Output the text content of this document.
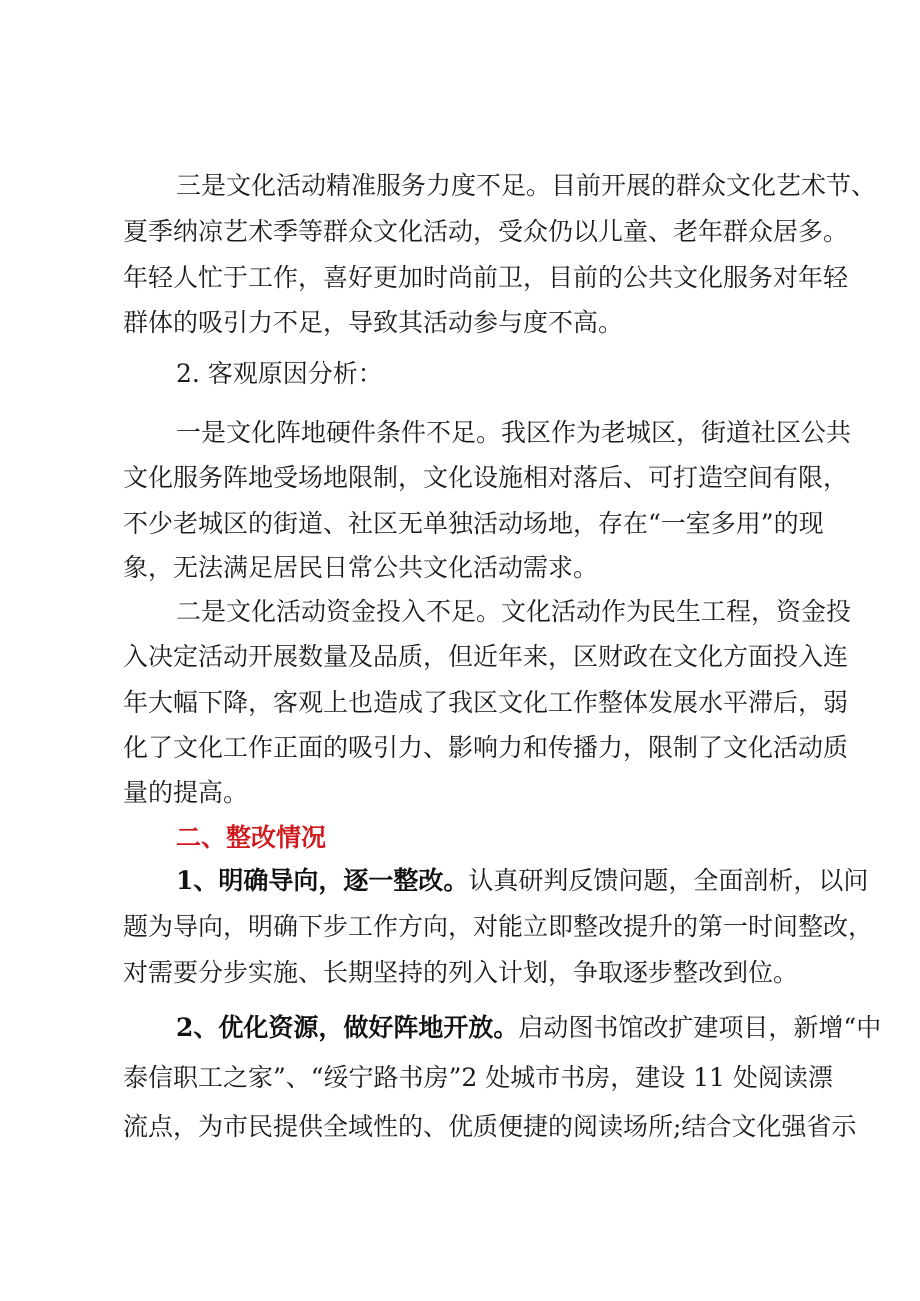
三是文化活动精准服务力度不足。目前开展的群众文化艺术节、
夏季纳凉艺术季等群众文化活动，受众仍以儿童、老年群众居多。
年轻人忙于工作，喜好更加时尚前卫，目前的公共文化服务对年轻
群体的吸引力不足，导致其活动参与度不高。
2. 客观原因分析：
一是文化阵地硬件条件不足。我区作为老城区，街道社区公共
文化服务阵地受场地限制，文化设施相对落后、可打造空间有限，
不少老城区的街道、社区无单独活动场地，存在“一室多用”的现
象，无法满足居民日常公共文化活动需求。
二是文化活动资金投入不足。文化活动作为民生工程，资金投
入决定活动开展数量及品质，但近年来，区财政在文化方面投入连
年大幅下降，客观上也造成了我区文化工作整体发展水平滞后，弱
化了文化工作正面的吸引力、影响力和传播力，限制了文化活动质
量的提高。
二、整改情况
1、明确导向，逐一整改。认真研判反馈问题，全面剖析，以问
题为导向，明确下步工作方向，对能立即整改提升的第一时间整改，
对需要分步实施、长期坚持的列入计划，争取逐步整改到位。
2、优化资源，做好阵地开放。启动图书馆改扩建项目，新增“中
泰信职工之家”、“绥宁路书房”2 处城市书房，建设 11 处阅读漂
流点，为市民提供全域性的、优质便捷的阅读场所;结合文化强省示
